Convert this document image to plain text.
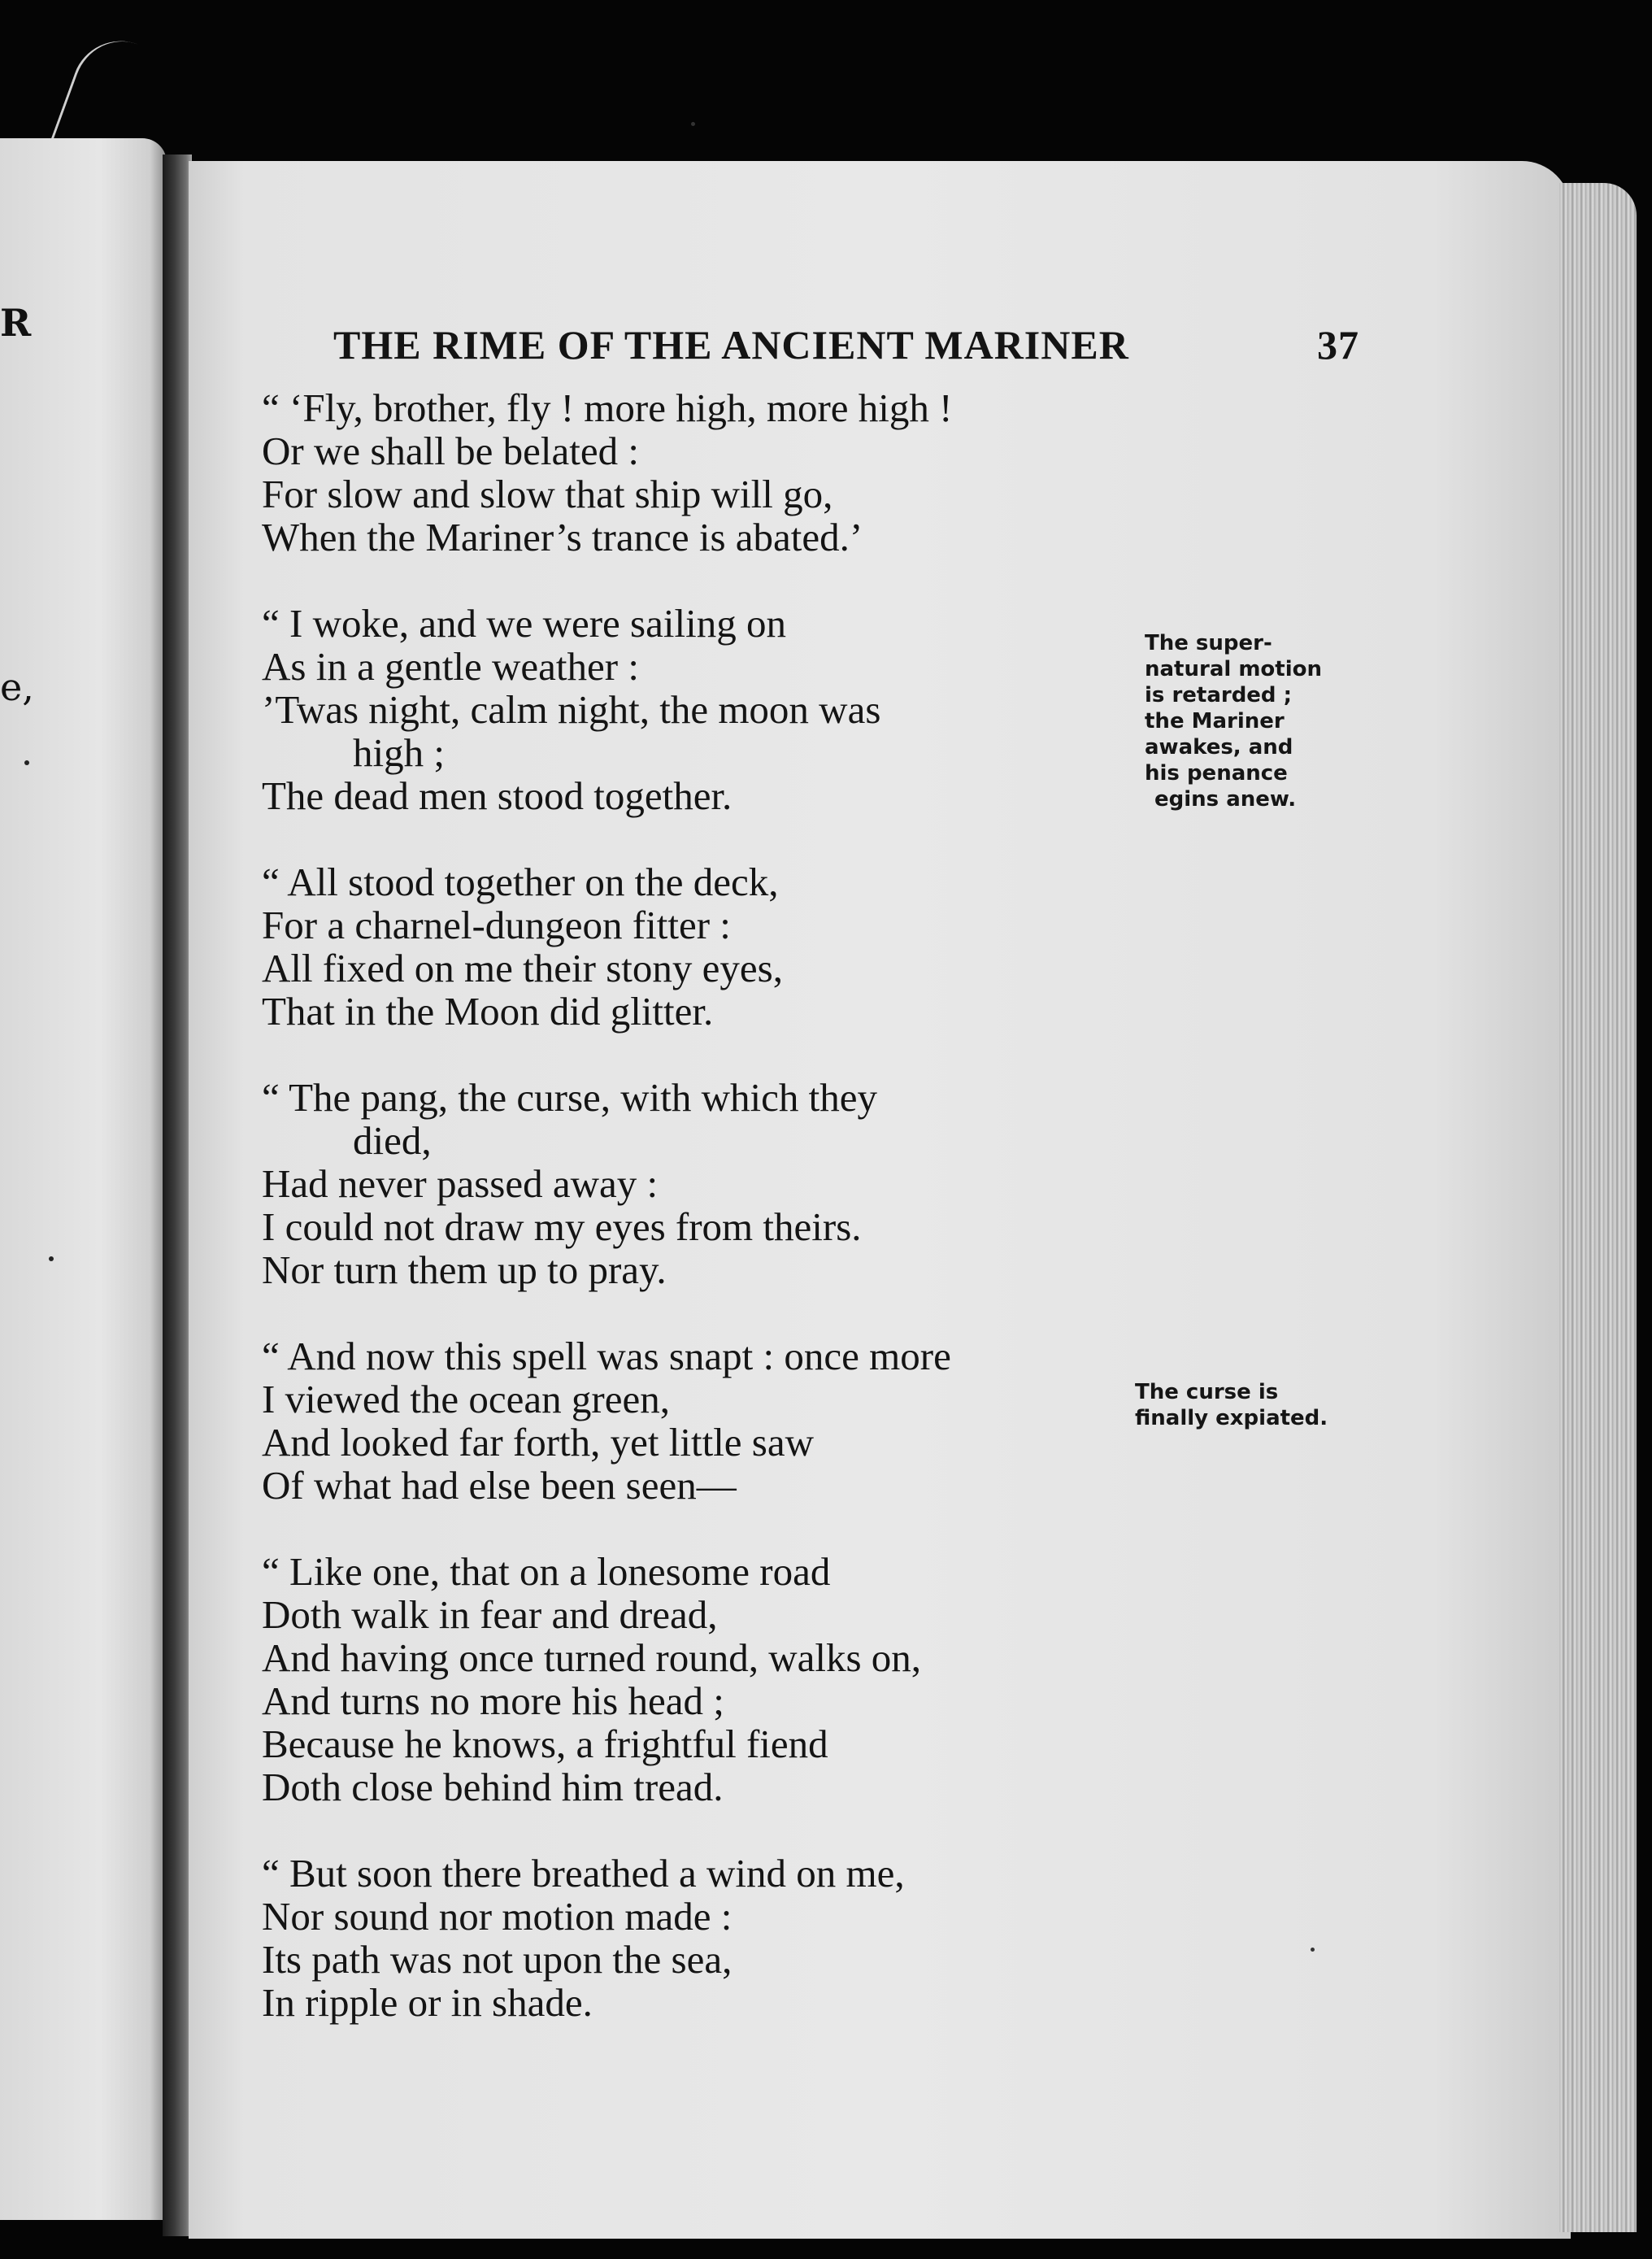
R
e,
THE RIME OF THE ANCIENT MARINER	37
“ ‘Fly, brother, fly ! more high, more high !
Or we shall be belated :
For slow and slow that ship will go,
When the Mariner’s trance is abated.’
“ I woke, and we were sailing on
As in a gentle weather :
’Twas night, calm night, the moon was
high ;
The dead men stood together.
“ All stood together on the deck,
For a charnel-dungeon fitter :
All fixed on me their stony eyes,
That in the Moon did glitter.
“ The pang, the curse, with which they
died,
Had never passed away :
I could not draw my eyes from theirs.
Nor turn them up to pray.
“ And now this spell was snapt : once more
I viewed the ocean green,
And looked far forth, yet little saw
Of what had else been seen—
“ Like one, that on a lonesome road
Doth walk in fear and dread,
And having once turned round, walks on,
And turns no more his head ;
Because he knows, a frightful fiend
Doth close behind him tread.
“ But soon there breathed a wind on me,
Nor sound nor motion made :
Its path was not upon the sea,
In ripple or in shade.
The super-
natural motion
is retarded ;
the Mariner
awakes, and
his penance
egins anew.
The curse is
finally expiated.
